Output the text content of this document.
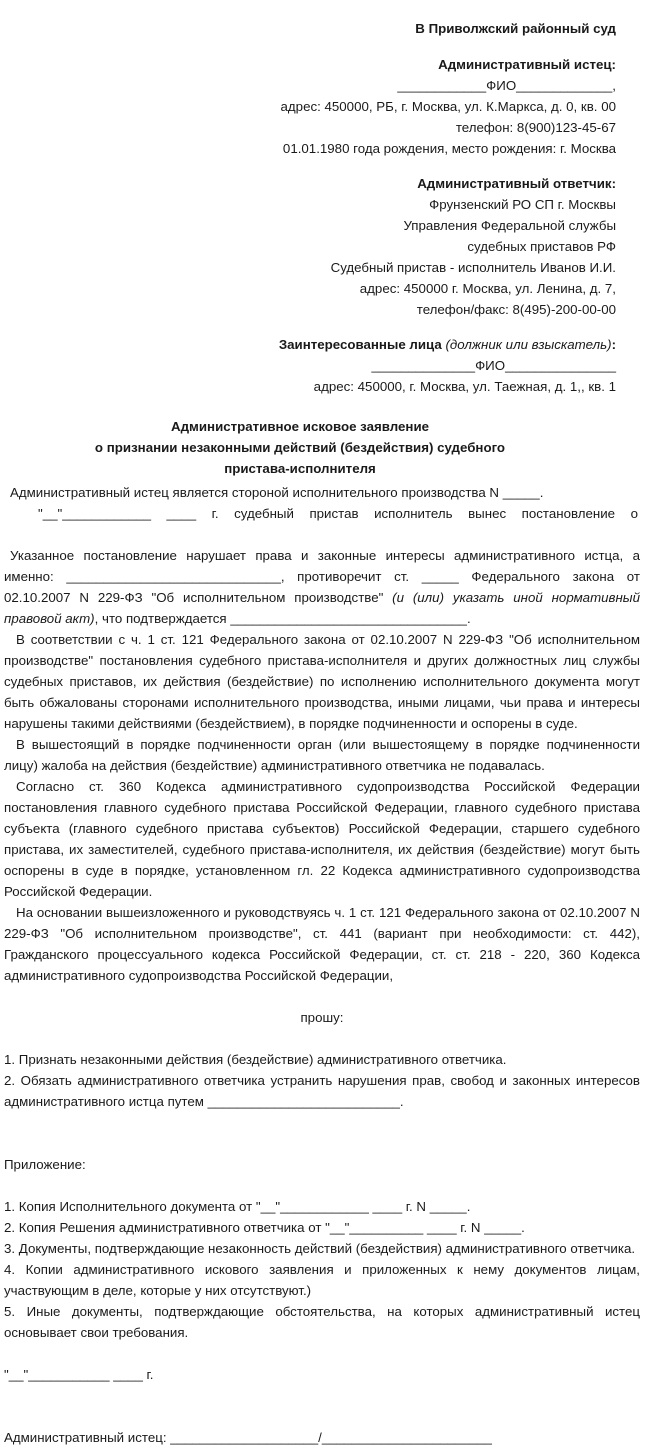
В Приволжский районный суд
Административный истец:
____________ФИО_____________,
адрес: 450000, РБ, г. Москва, ул. К.Маркса, д. 0, кв. 00
телефон: 8(900)123-45-67
01.01.1980 года рождения, место рождения: г. Москва
Административный ответчик:
Фрунзенский РО СП г. Москвы
Управления Федеральной службы
судебных приставов РФ
Судебный пристав - исполнитель Иванов И.И.
адрес: 450000 г. Москва, ул. Ленина, д. 7,
телефон/факс: 8(495)-200-00-00
Заинтересованные лица (должник или взыскатель):
______________ФИО_______________
адрес: 450000, г. Москва, ул. Таежная, д. 1,, кв. 1
Административное исковое заявление
о признании незаконными действий (бездействия) судебного
пристава-исполнителя
Административный истец является стороной исполнительного производства N _____.
"__"____________ ____ г. судебный пристав исполнитель вынес постановление о

Указанное постановление нарушает права и законные интересы административного истца, а именно: _____________________________, противоречит ст. _____ Федерального закона от 02.10.2007 N 229-ФЗ "Об исполнительном производстве" (и (или) указать иной нормативный правовой акт), что подтверждается ________________________________.

В соответствии с ч. 1 ст. 121 Федерального закона от 02.10.2007 N 229-ФЗ "Об исполнительном производстве" постановления судебного пристава-исполнителя и других должностных лиц службы судебных приставов, их действия (бездействие) по исполнению исполнительного документа могут быть обжалованы сторонами исполнительного производства, иными лицами, чьи права и интересы нарушены такими действиями (бездействием), в порядке подчиненности и оспорены в суде.

В вышестоящий в порядке подчиненности орган (или вышестоящему в порядке подчиненности лицу) жалоба на действия (бездействие) административного ответчика не подавалась.

Согласно ст. 360 Кодекса административного судопроизводства Российской Федерации постановления главного судебного пристава Российской Федерации, главного судебного пристава субъекта (главного судебного пристава субъектов) Российской Федерации, старшего судебного пристава, их заместителей, судебного пристава-исполнителя, их действия (бездействие) могут быть оспорены в суде в порядке, установленном гл. 22 Кодекса административного судопроизводства Российской Федерации.

На основании вышеизложенного и руководствуясь ч. 1 ст. 121 Федерального закона от 02.10.2007 N 229-ФЗ "Об исполнительном производстве", ст. 441 (вариант при необходимости: ст. 442), Гражданского процессуального кодекса Российской Федерации, ст. ст. 218 - 220, 360 Кодекса административного судопроизводства Российской Федерации,

прошу:
1. Признать незаконными действия (бездействие) административного ответчика.

2. Обязать административного ответчика устранить нарушения прав, свобод и законных интересов административного истца путем __________________________.

Приложение:
1. Копия Исполнительного документа от "__"____________ ____ г. N _____.
2. Копия Решения административного ответчика от "__"__________ ____ г. N _____.
3. Документы, подтверждающие незаконность действий (бездействия) административного ответчика.

4. Копии административного искового заявления и приложенных к нему документов лицам, участвующим в деле, которые у них отсутствуют.)

5. Иные документы, подтверждающие обстоятельства, на которых административный истец основывает свои требования.

"__"___________ ____ г.
Административный истец: ____________________/_______________________
